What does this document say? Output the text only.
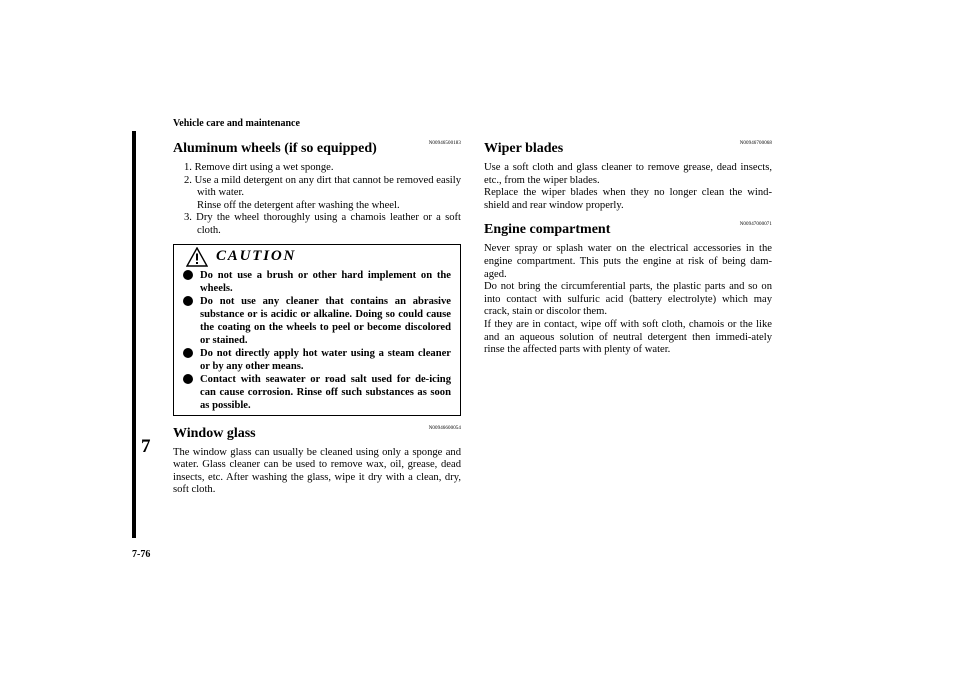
Vehicle care and maintenance
7
7-76
Aluminum wheels (if so equipped)	N00946500183
1. Remove dirt using a wet sponge.
2. Use a mild detergent on any dirt that cannot be removed easily with water.
Rinse off the detergent after washing the wheel.
3. Dry the wheel thoroughly using a chamois leather or a soft cloth.
CAUTION
Do not use a brush or other hard implement on the wheels.
Do not use any cleaner that contains an abrasive substance or is acidic or alkaline. Doing so could cause the coating on the wheels to peel or become discolored or stained.
Do not directly apply hot water using a steam cleaner or by any other means.
Contact with seawater or road salt used for de-icing can cause corrosion. Rinse off such substances as soon as possible.
Window glass	N00946600054

The window glass can usually be cleaned using only a sponge and water. Glass cleaner can be used to remove wax, oil, grease, dead insects, etc. After washing the glass, wipe it dry with a clean, dry, soft cloth.

Wiper blades	N00946700068

Use a soft cloth and glass cleaner to remove grease, dead insects, etc., from the wiper blades.

Replace the wiper blades when they no longer clean the wind-shield and rear window properly.

Engine compartment	N00947000071

Never spray or splash water on the electrical accessories in the engine compartment. This puts the engine at risk of being dam-aged.

Do not bring the circumferential parts, the plastic parts and so on into contact with sulfuric acid (battery electrolyte) which may crack, stain or discolor them.

If they are in contact, wipe off with soft cloth, chamois or the like and an aqueous solution of neutral detergent then immedi-ately rinse the affected parts with plenty of water.
